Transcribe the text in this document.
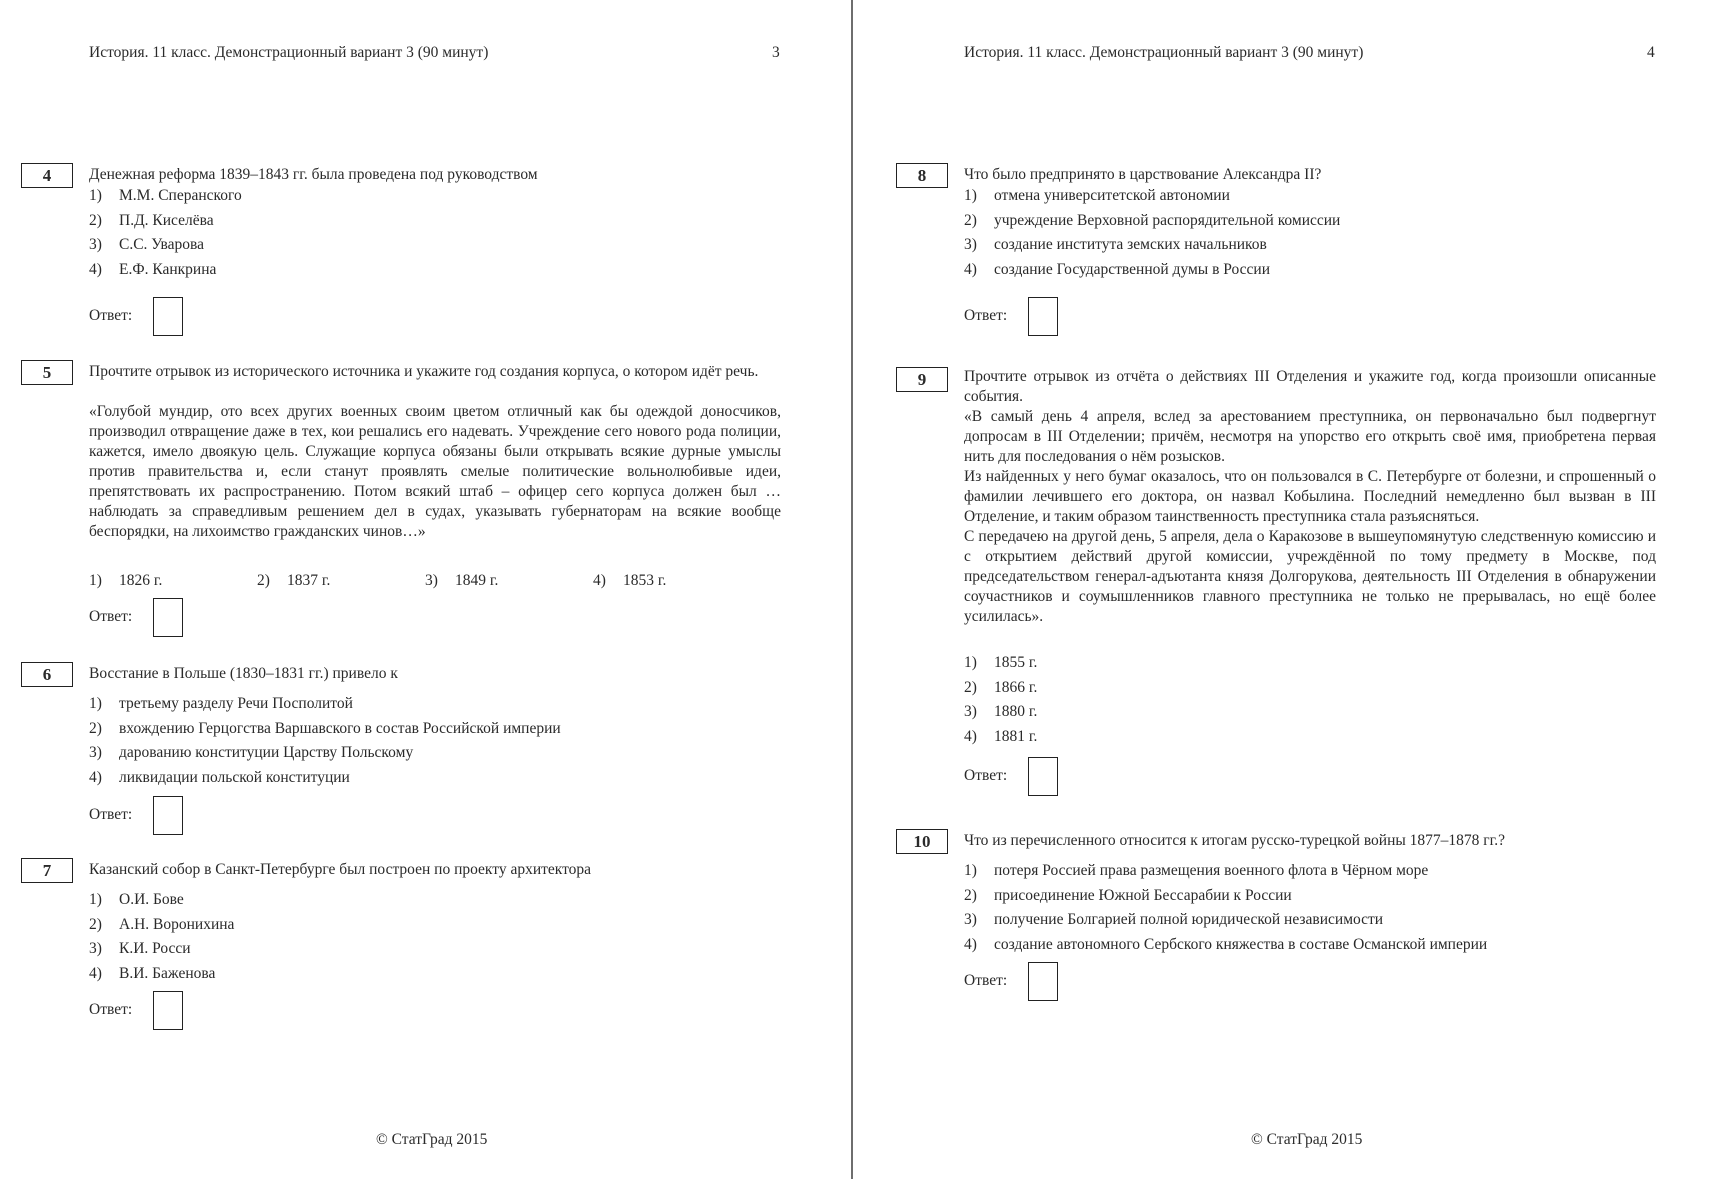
История. 11 класс. Демонстрационный вариант 3 (90 минут)	3
4	Денежная реформа 1839–1843 гг. была проведена под руководством
1) М.М. Сперанского
2) П.Д. Киселёва
3) С.С. Уварова
4) Е.Ф. Канкрина
Ответ:
5	Прочтите отрывок из исторического источника и укажите год создания корпуса, о котором идёт речь.
«Голубой мундир, ото всех других военных своим цветом отличный как бы одеждой доносчиков, производил отвращение даже в тех, кои решались его надевать. Учреждение сего нового рода полиции, кажется, имело двоякую цель. Служащие корпуса обязаны были открывать всякие дурные умыслы против правительства и, если станут проявлять смелые политические вольнолюбивые идеи, препятствовать их распространению. Потом всякий штаб – офицер сего корпуса должен был …наблюдать за справедливым решением дел в судах, указывать губернаторам на всякие вообще беспорядки, на лихоимство гражданских чинов…»
1) 1826 г.	2) 1837 г.	3) 1849 г.	4) 1853 г.
Ответ:
6	Восстание в Польше (1830–1831 гг.) привело к
1) третьему разделу Речи Посполитой
2) вхождению Герцогства Варшавского в состав Российской империи
3) дарованию конституции Царству Польскому
4) ликвидации польской конституции
Ответ:
7	Казанский собор в Санкт-Петербурге был построен по проекту архитектора
1) О.И. Бове
2) А.Н. Воронихина
3) К.И. Росси
4) В.И. Баженова
Ответ:
© СтатГрад 2015
История. 11 класс. Демонстрационный вариант 3 (90 минут)	4
8	Что было предпринято в царствование Александра II?
1) отмена университетской автономии
2) учреждение Верховной распорядительной комиссии
3) создание института земских начальников
4) создание Государственной думы в России
Ответ:
9	Прочтите отрывок из отчёта о действиях III Отделения и укажите год, когда произошли описанные события.

«В самый день 4 апреля, вслед за арестованием преступника, он первоначально был подвергнут допросам в III Отделении; причём, несмотря на упорство его открыть своё имя, приобретена первая нить для последования о нём розысков.

Из найденных у него бумаг оказалось, что он пользовался в С. Петербурге от болезни, и спрошенный о фамилии лечившего его доктора, он назвал Кобылина. Последний немедленно был вызван в III Отделение, и таким образом таинственность преступника стала разъясняться.

С передачею на другой день, 5 апреля, дела о Каракозове в вышеупомянутую следственную комиссию и с открытием действий другой комиссии, учреждённой по тому предмету в Москве, под председательством генерал-адъютанта князя Долгорукова, деятельность III Отделения в обнаружении соучастников и соумышленников главного преступника не только не прерывалась, но ещё более усилилась».

1) 1855 г.
2) 1866 г.
3) 1880 г.
4) 1881 г.
Ответ:
10	Что из перечисленного относится к итогам русско-турецкой войны 1877–1878 гг.?
1) потеря Россией права размещения военного флота в Чёрном море
2) присоединение Южной Бессарабии к России
3) получение Болгарией полной юридической независимости
4) создание автономного Сербского княжества в составе Османской империи
Ответ:
© СтатГрад 2015
